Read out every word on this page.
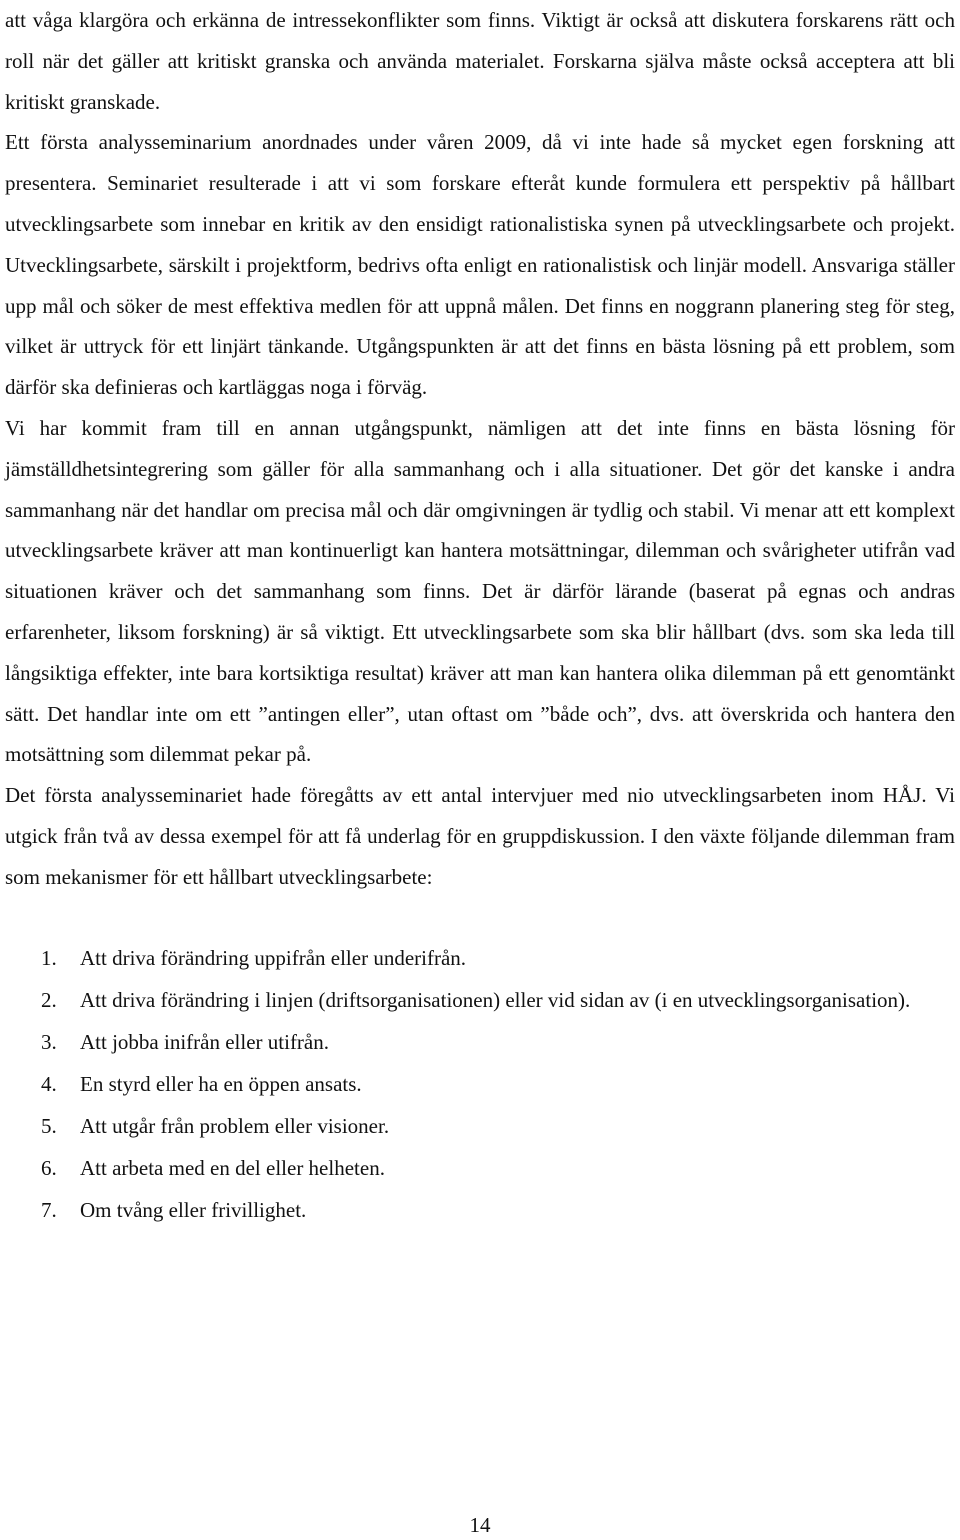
att våga klargöra och erkänna de intressekonflikter som finns. Viktigt är också att diskutera forskarens rätt och roll när det gäller att kritiskt granska och använda materialet. Forskarna själva måste också acceptera att bli kritiskt granskade.

Ett första analysseminarium anordnades under våren 2009, då vi inte hade så mycket egen forskning att presentera. Seminariet resulterade i att vi som forskare efteråt kunde formulera ett perspektiv på hållbart utvecklingsarbete som innebar en kritik av den ensidigt rationalistiska synen på utvecklingsarbete och projekt. Utvecklingsarbete, särskilt i projektform, bedrivs ofta enligt en rationalistisk och linjär modell. Ansvariga ställer upp mål och söker de mest effektiva medlen för att uppnå målen. Det finns en noggrann planering steg för steg, vilket är uttryck för ett linjärt tänkande. Utgångspunkten är att det finns en bästa lösning på ett problem, som därför ska definieras och kartläggas noga i förväg.

Vi har kommit fram till en annan utgångspunkt, nämligen att det inte finns en bästa lösning för jämställdhetsintegrering som gäller för alla sammanhang och i alla situationer. Det gör det kanske i andra sammanhang när det handlar om precisa mål och där omgivningen är tydlig och stabil. Vi menar att ett komplext utvecklingsarbete kräver att man kontinuerligt kan hantera motsättningar, dilemman och svårigheter utifrån vad situationen kräver och det sammanhang som finns. Det är därför lärande (baserat på egnas och andras erfarenheter, liksom forskning) är så viktigt. Ett utvecklingsarbete som ska blir hållbart (dvs. som ska leda till långsiktiga effekter, inte bara kortsiktiga resultat) kräver att man kan hantera olika dilemman på ett genomtänkt sätt. Det handlar inte om ett ”antingen eller”, utan oftast om ”både och”, dvs. att överskrida och hantera den motsättning som dilemmat pekar på.

Det första analysseminariet hade föregåtts av ett antal intervjuer med nio utvecklingsarbeten inom HÅJ. Vi utgick från två av dessa exempel för att få underlag för en gruppdiskussion. I den växte följande dilemman fram som mekanismer för ett hållbart utvecklingsarbete:

1.	Att driva förändring uppifrån eller underifrån.
2.	Att driva förändring i linjen (driftsorganisationen) eller vid sidan av (i en utvecklingsorganisation).
3.	Att jobba inifrån eller utifrån.
4.	En styrd eller ha en öppen ansats.
5.	Att utgår från problem eller visioner.
6.	Att arbeta med en del eller helheten.
7.	Om tvång eller frivillighet.
14
